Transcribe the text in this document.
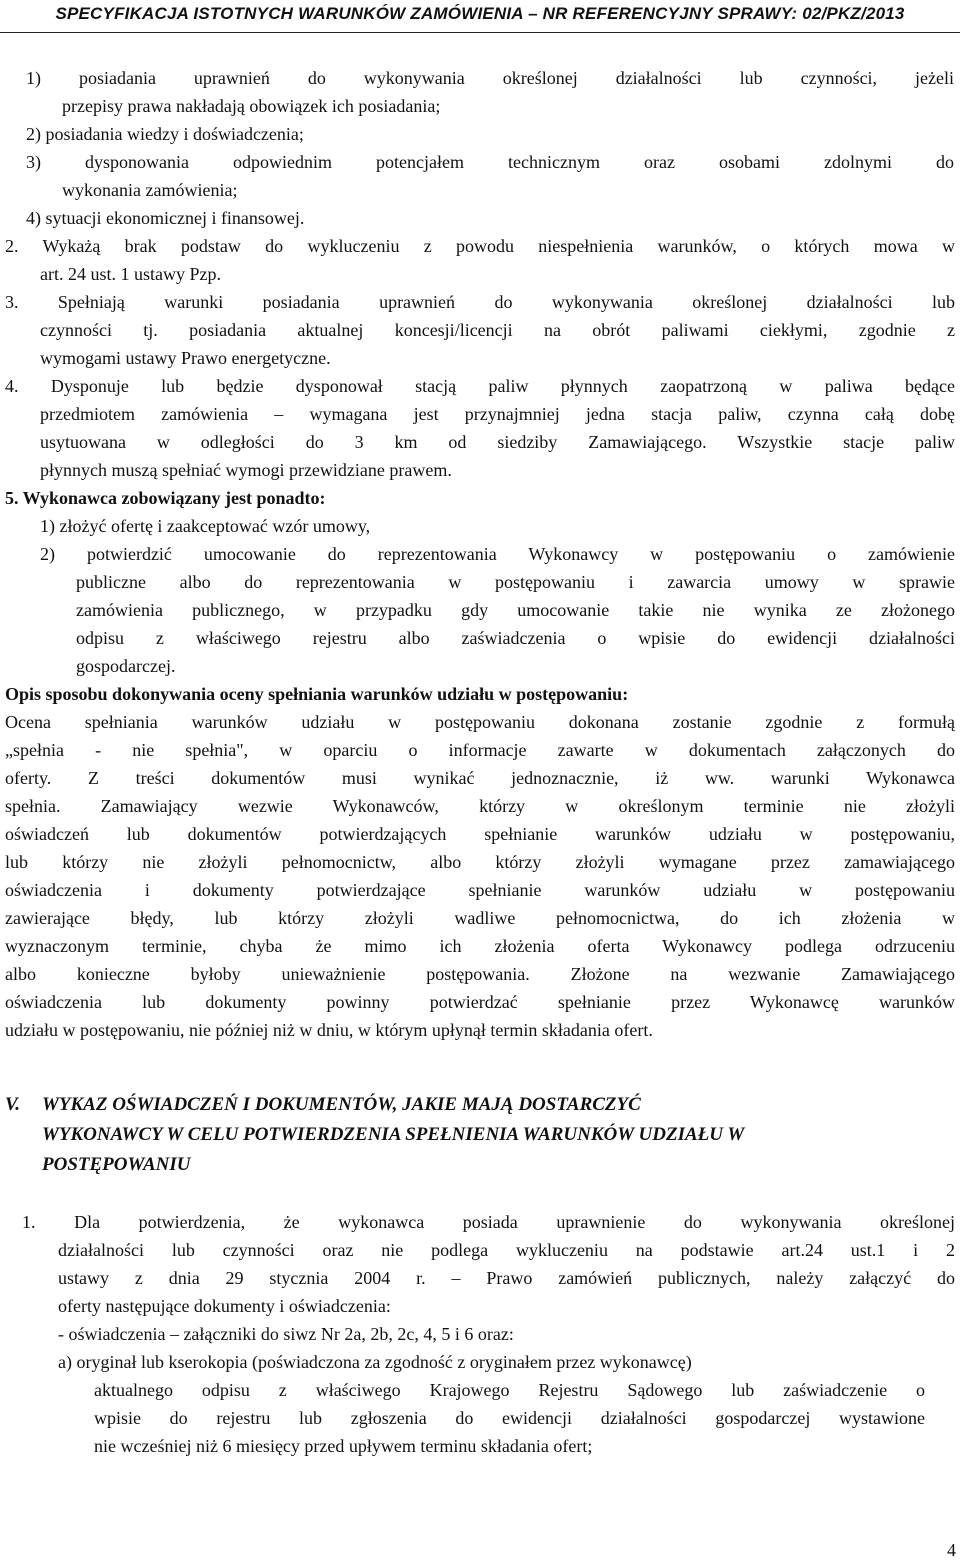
SPECYFIKACJA ISTOTNYCH WARUNKÓW ZAMÓWIENIA – NR REFERENCYJNY SPRAWY: 02/PKZ/2013
1) posiadania uprawnień do wykonywania określonej działalności lub czynności, jeżeli
przepisy prawa nakładają obowiązek ich posiadania;
2) posiadania wiedzy i doświadczenia;
3) dysponowania odpowiednim potencjałem technicznym oraz osobami zdolnymi do
wykonania zamówienia;
4) sytuacji ekonomicznej i finansowej.
2. Wykażą brak podstaw do wykluczeniu z powodu niespełnienia warunków, o których mowa w
art. 24 ust. 1 ustawy Pzp.
3. Spełniają warunki posiadania uprawnień do wykonywania określonej działalności lub
czynności tj. posiadania aktualnej koncesji/licencji na obrót paliwami ciekłymi, zgodnie z
wymogami ustawy Prawo energetyczne.
4. Dysponuje lub będzie dysponował stacją paliw płynnych zaopatrzoną w paliwa będące
przedmiotem zamówienia – wymagana jest przynajmniej jedna stacja paliw, czynna całą dobę
usytuowana w odległości do 3 km od siedziby Zamawiającego. Wszystkie stacje paliw
płynnych muszą spełniać wymogi przewidziane prawem.
5. Wykonawca zobowiązany jest ponadto:
1) złożyć ofertę i zaakceptować wzór umowy,
2) potwierdzić umocowanie do reprezentowania Wykonawcy w postępowaniu o zamówienie
publiczne albo do reprezentowania w postępowaniu i zawarcia umowy w sprawie
zamówienia publicznego, w przypadku gdy umocowanie takie nie wynika ze złożonego
odpisu z właściwego rejestru albo zaświadczenia o wpisie do ewidencji działalności
gospodarczej.
Opis sposobu dokonywania oceny spełniania warunków udziału w postępowaniu:
Ocena spełniania warunków udziału w postępowaniu dokonana zostanie zgodnie z formułą
„spełnia - nie spełnia", w oparciu o informacje zawarte w dokumentach załączonych do
oferty. Z treści dokumentów musi wynikać jednoznacznie, iż ww. warunki Wykonawca
spełnia. Zamawiający wezwie Wykonawców, którzy w określonym terminie nie złożyli
oświadczeń lub dokumentów potwierdzających spełnianie warunków udziału w postępowaniu,
lub którzy nie złożyli pełnomocnictw, albo którzy złożyli wymagane przez zamawiającego
oświadczenia i dokumenty potwierdzające spełnianie warunków udziału w postępowaniu
zawierające błędy, lub którzy złożyli wadliwe pełnomocnictwa, do ich złożenia w
wyznaczonym terminie, chyba że mimo ich złożenia oferta Wykonawcy podlega odrzuceniu
albo konieczne byłoby unieważnienie postępowania. Złożone na wezwanie Zamawiającego
oświadczenia lub dokumenty powinny potwierdzać spełnianie przez Wykonawcę warunków
udziału w postępowaniu, nie później niż w dniu, w którym upłynął termin składania ofert.
V. WYKAZ OŚWIADCZEŃ I DOKUMENTÓW, JAKIE MAJĄ DOSTARCZYĆ
WYKONAWCY W CELU POTWIERDZENIA SPEŁNIENIA WARUNKÓW UDZIAŁU W
POSTĘPOWANIU
1. Dla potwierdzenia, że wykonawca posiada uprawnienie do wykonywania określonej
działalności lub czynności oraz nie podlega wykluczeniu na podstawie art.24 ust.1 i 2
ustawy z dnia 29 stycznia 2004 r. – Prawo zamówień publicznych, należy załączyć do
oferty następujące dokumenty i oświadczenia:
- oświadczenia – załączniki do siwz Nr 2a, 2b, 2c, 4, 5 i 6 oraz:
a) oryginał lub kserokopia (poświadczona za zgodność z oryginałem przez wykonawcę)
aktualnego odpisu z właściwego Krajowego Rejestru Sądowego lub zaświadczenie o
wpisie do rejestru lub zgłoszenia do ewidencji działalności gospodarczej wystawione
nie wcześniej niż 6 miesięcy przed upływem terminu składania ofert;
4
